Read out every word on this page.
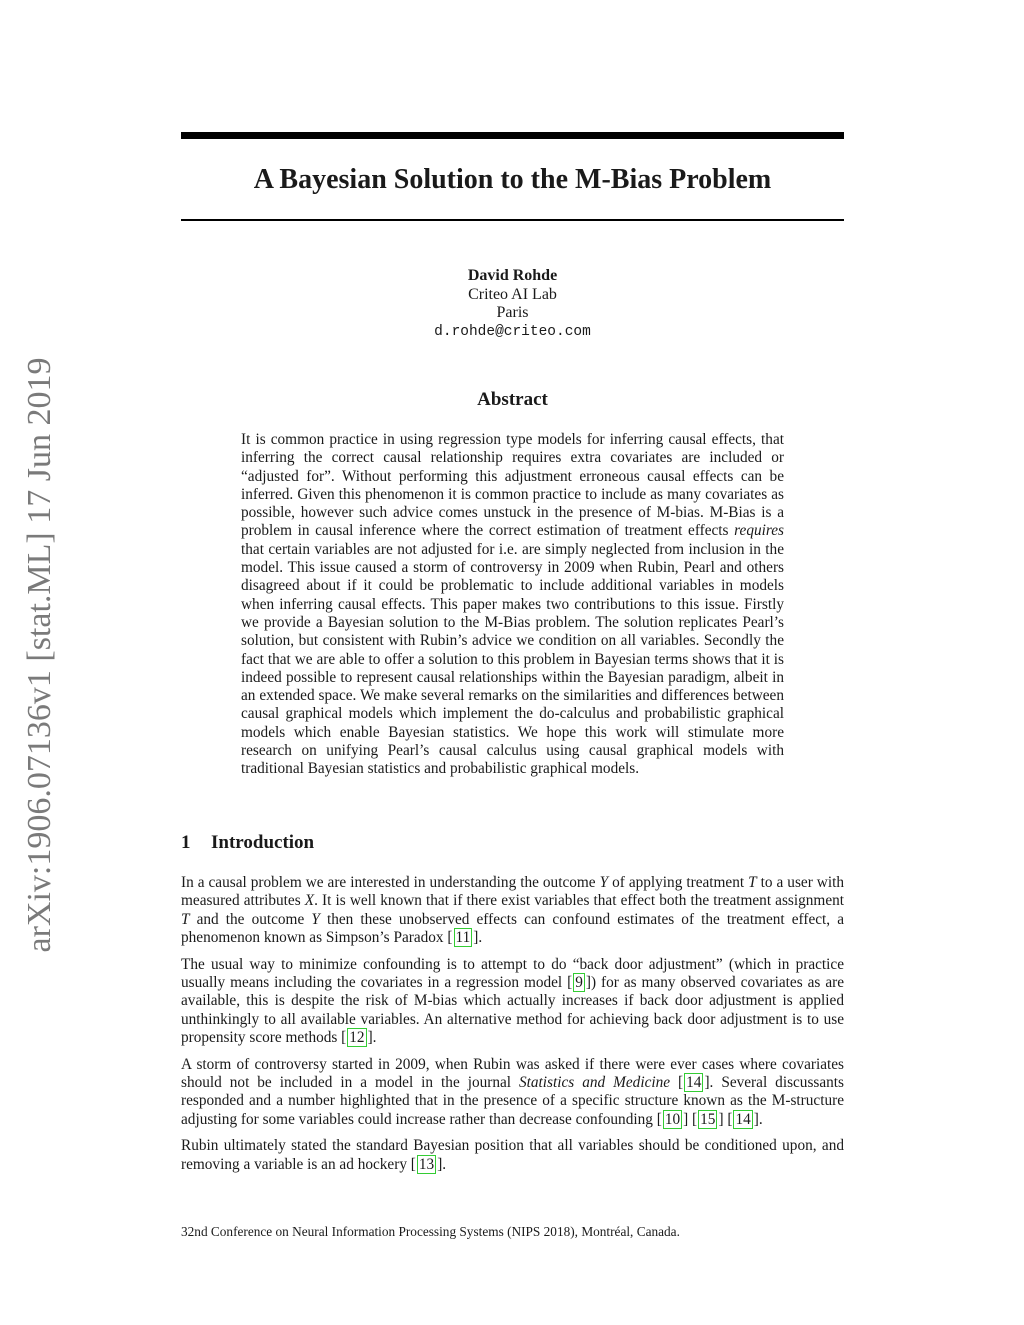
arXiv:1906.07136v1 [stat.ML] 17 Jun 2019
A Bayesian Solution to the M-Bias Problem
David Rohde
Criteo AI Lab
Paris
d.rohde@criteo.com
Abstract
It is common practice in using regression type models for inferring causal effects, that inferring the correct causal relationship requires extra covariates are included or “adjusted for”. Without performing this adjustment erroneous causal effects can be inferred. Given this phenomenon it is common practice to include as many covariates as possible, however such advice comes unstuck in the presence of M-bias. M-Bias is a problem in causal inference where the correct estimation of treatment effects requires that certain variables are not adjusted for i.e. are simply neglected from inclusion in the model. This issue caused a storm of controversy in 2009 when Rubin, Pearl and others disagreed about if it could be problematic to include additional variables in models when inferring causal effects. This paper makes two contributions to this issue. Firstly we provide a Bayesian solution to the M-Bias problem. The solution replicates Pearl’s solution, but consistent with Rubin’s advice we condition on all variables. Secondly the fact that we are able to offer a solution to this problem in Bayesian terms shows that it is indeed possible to represent causal relationships within the Bayesian paradigm, albeit in an extended space. We make several remarks on the similarities and differences between causal graphical models which implement the do-calculus and probabilistic graphical models which enable Bayesian statistics. We hope this work will stimulate more research on unifying Pearl’s causal calculus using causal graphical models with traditional Bayesian statistics and probabilistic graphical models.
1 Introduction

In a causal problem we are interested in understanding the outcome Y of applying treatment T to a user with measured attributes X. It is well known that if there exist variables that effect both the treatment assignment T and the outcome Y then these unobserved effects can confound estimates of the treatment effect, a phenomenon known as Simpson’s Paradox [ 11 ].

The usual way to minimize confounding is to attempt to do “back door adjustment” (which in practice usually means including the covariates in a regression model [ 9 ]) for as many observed covariates as are available, this is despite the risk of M-bias which actually increases if back door adjustment is applied unthinkingly to all available variables. An alternative method for achieving back door adjustment is to use propensity score methods [ 12 ].

A storm of controversy started in 2009, when Rubin was asked if there were ever cases where covariates should not be included in a model in the journal Statistics and Medicine [ 14 ]. Several discussants responded and a number highlighted that in the presence of a specific structure known as the M-structure adjusting for some variables could increase rather than decrease confounding [ 10 ] [ 15 ] [ 14 ].

Rubin ultimately stated the standard Bayesian position that all variables should be conditioned upon, and removing a variable is an ad hockery [ 13 ].

32nd Conference on Neural Information Processing Systems (NIPS 2018), Montréal, Canada.
